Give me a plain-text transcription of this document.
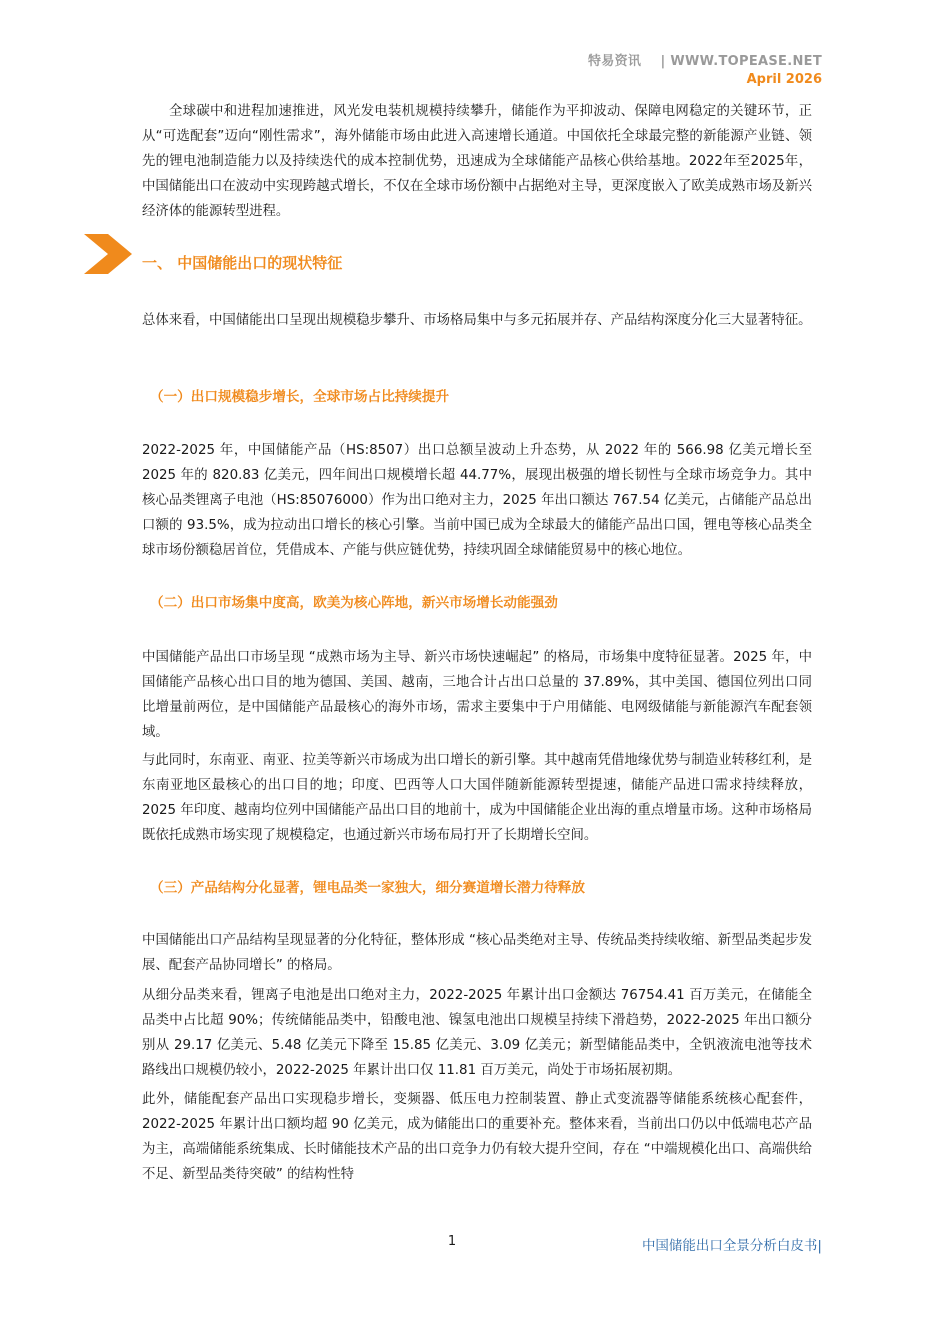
特易资讯 | WWW.TOPEASE.NET
April 2026

全球碳中和进程加速推进，风光发电装机规模持续攀升，储能作为平抑波动、保障电网稳定的关键环节，正从“可选配套”迈向“刚性需求”，海外储能市场由此进入高速增长通道。中国依托全球最完整的新能源产业链、领先的锂电池制造能力以及持续迭代的成本控制优势，迅速成为全球储能产品核心供给基地。2022年至2025年，中国储能出口在波动中实现跨越式增长，不仅在全球市场份额中占据绝对主导，更深度嵌入了欧美成熟市场及新兴经济体的能源转型进程。

一、 中国储能出口的现状特征

总体来看，中国储能出口呈现出规模稳步攀升、市场格局集中与多元拓展并存、产品结构深度分化三大显著特征。

（一）出口规模稳步增长，全球市场占比持续提升

2022-2025 年，中国储能产品（HS:8507）出口总额呈波动上升态势，从 2022 年的 566.98 亿美元增长至 2025 年的 820.83 亿美元，四年间出口规模增长超 44.77%，展现出极强的增长韧性与全球市场竞争力。其中核心品类锂离子电池（HS:85076000）作为出口绝对主力，2025 年出口额达 767.54 亿美元，占储能产品总出口额的 93.5%，成为拉动出口增长的核心引擎。当前中国已成为全球最大的储能产品出口国，锂电等核心品类全球市场份额稳居首位，凭借成本、产能与供应链优势，持续巩固全球储能贸易中的核心地位。

（二）出口市场集中度高，欧美为核心阵地，新兴市场增长动能强劲

中国储能产品出口市场呈现 “成熟市场为主导、新兴市场快速崛起” 的格局，市场集中度特征显著。2025 年，中国储能产品核心出口目的地为德国、美国、越南，三地合计占出口总量的 37.89%，其中美国、德国位列出口同比增量前两位，是中国储能产品最核心的海外市场，需求主要集中于户用储能、电网级储能与新能源汽车配套领域。

与此同时，东南亚、南亚、拉美等新兴市场成为出口增长的新引擎。其中越南凭借地缘优势与制造业转移红利，是东南亚地区最核心的出口目的地；印度、巴西等人口大国伴随新能源转型提速，储能产品进口需求持续释放，2025 年印度、越南均位列中国储能产品出口目的地前十，成为中国储能企业出海的重点增量市场。这种市场格局既依托成熟市场实现了规模稳定，也通过新兴市场布局打开了长期增长空间。

（三）产品结构分化显著，锂电品类一家独大，细分赛道增长潜力待释放

中国储能出口产品结构呈现显著的分化特征，整体形成 “核心品类绝对主导、传统品类持续收缩、新型品类起步发展、配套产品协同增长” 的格局。

从细分品类来看，锂离子电池是出口绝对主力，2022-2025 年累计出口金额达 76754.41 百万美元，在储能全品类中占比超 90%；传统储能品类中，铅酸电池、镍氢电池出口规模呈持续下滑趋势，2022-2025 年出口额分别从 29.17 亿美元、5.48 亿美元下降至 15.85 亿美元、3.09 亿美元；新型储能品类中，全钒液流电池等技术路线出口规模仍较小，2022-2025 年累计出口仅 11.81 百万美元，尚处于市场拓展初期。

此外，储能配套产品出口实现稳步增长，变频器、低压电力控制装置、静止式变流器等储能系统核心配套件，2022-2025 年累计出口额均超 90 亿美元，成为储能出口的重要补充。整体来看，当前出口仍以中低端电芯产品为主，高端储能系统集成、长时储能技术产品的出口竞争力仍有较大提升空间，存在 “中端规模化出口、高端供给不足、新型品类待突破” 的结构性特

1	中国储能出口全景分析白皮书|
